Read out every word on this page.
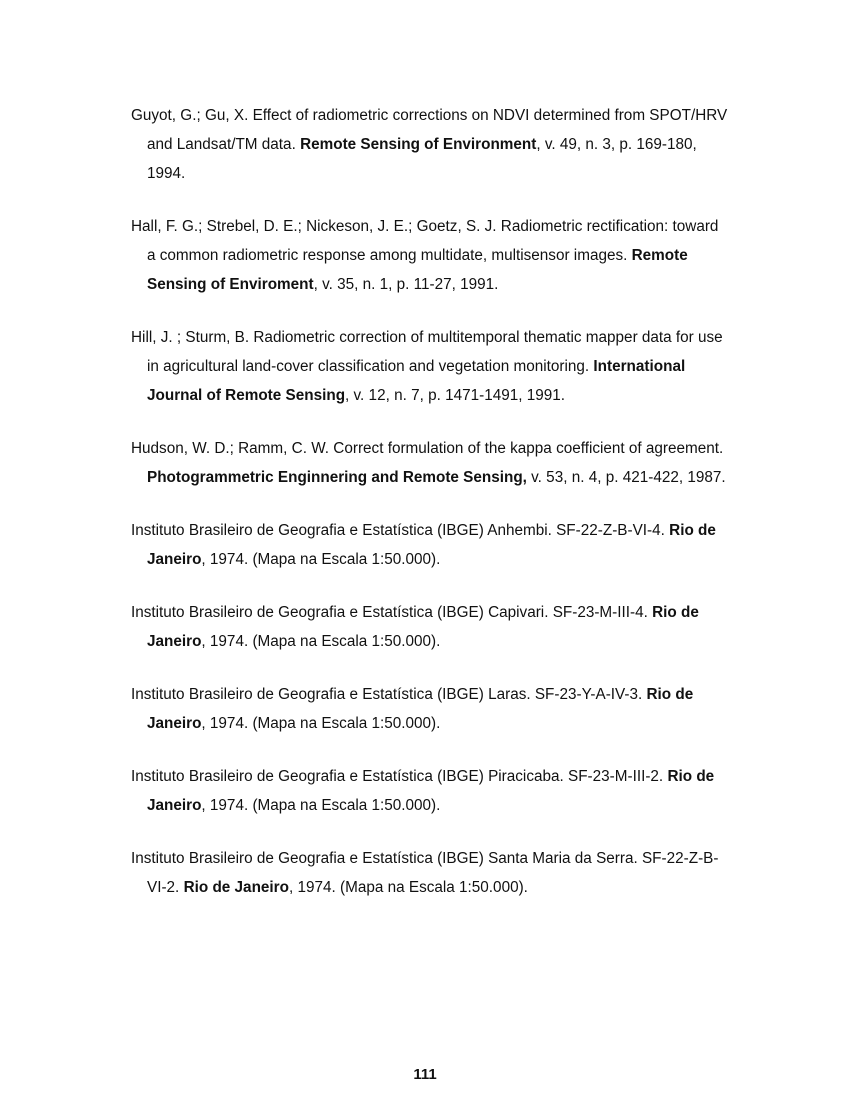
Guyot, G.; Gu, X. Effect of radiometric corrections on NDVI determined from SPOT/HRV and Landsat/TM data. Remote Sensing of Environment, v. 49, n. 3, p. 169-180, 1994.

Hall, F. G.; Strebel, D. E.; Nickeson, J. E.; Goetz, S. J. Radiometric rectification: toward a common radiometric response among multidate, multisensor images. Remote Sensing of Enviroment, v. 35, n. 1, p. 11-27, 1991.

Hill, J. ; Sturm, B. Radiometric correction of multitemporal thematic mapper data for use in agricultural land-cover classification and vegetation monitoring. International Journal of Remote Sensing, v. 12, n. 7, p. 1471-1491, 1991.

Hudson, W. D.; Ramm, C. W. Correct formulation of the kappa coefficient of agreement. Photogrammetric Enginnering and Remote Sensing, v. 53, n. 4, p. 421-422, 1987.

Instituto Brasileiro de Geografia e Estatística (IBGE) Anhembi. SF-22-Z-B-VI-4. Rio de Janeiro, 1974. (Mapa na Escala 1:50.000).

Instituto Brasileiro de Geografia e Estatística (IBGE) Capivari. SF-23-M-III-4. Rio de Janeiro, 1974. (Mapa na Escala 1:50.000).

Instituto Brasileiro de Geografia e Estatística (IBGE) Laras. SF-23-Y-A-IV-3. Rio de Janeiro, 1974. (Mapa na Escala 1:50.000).

Instituto Brasileiro de Geografia e Estatística (IBGE) Piracicaba. SF-23-M-III-2. Rio de Janeiro, 1974. (Mapa na Escala 1:50.000).

Instituto Brasileiro de Geografia e Estatística (IBGE) Santa Maria da Serra. SF-22-Z-B-VI-2. Rio de Janeiro, 1974. (Mapa na Escala 1:50.000).

111
